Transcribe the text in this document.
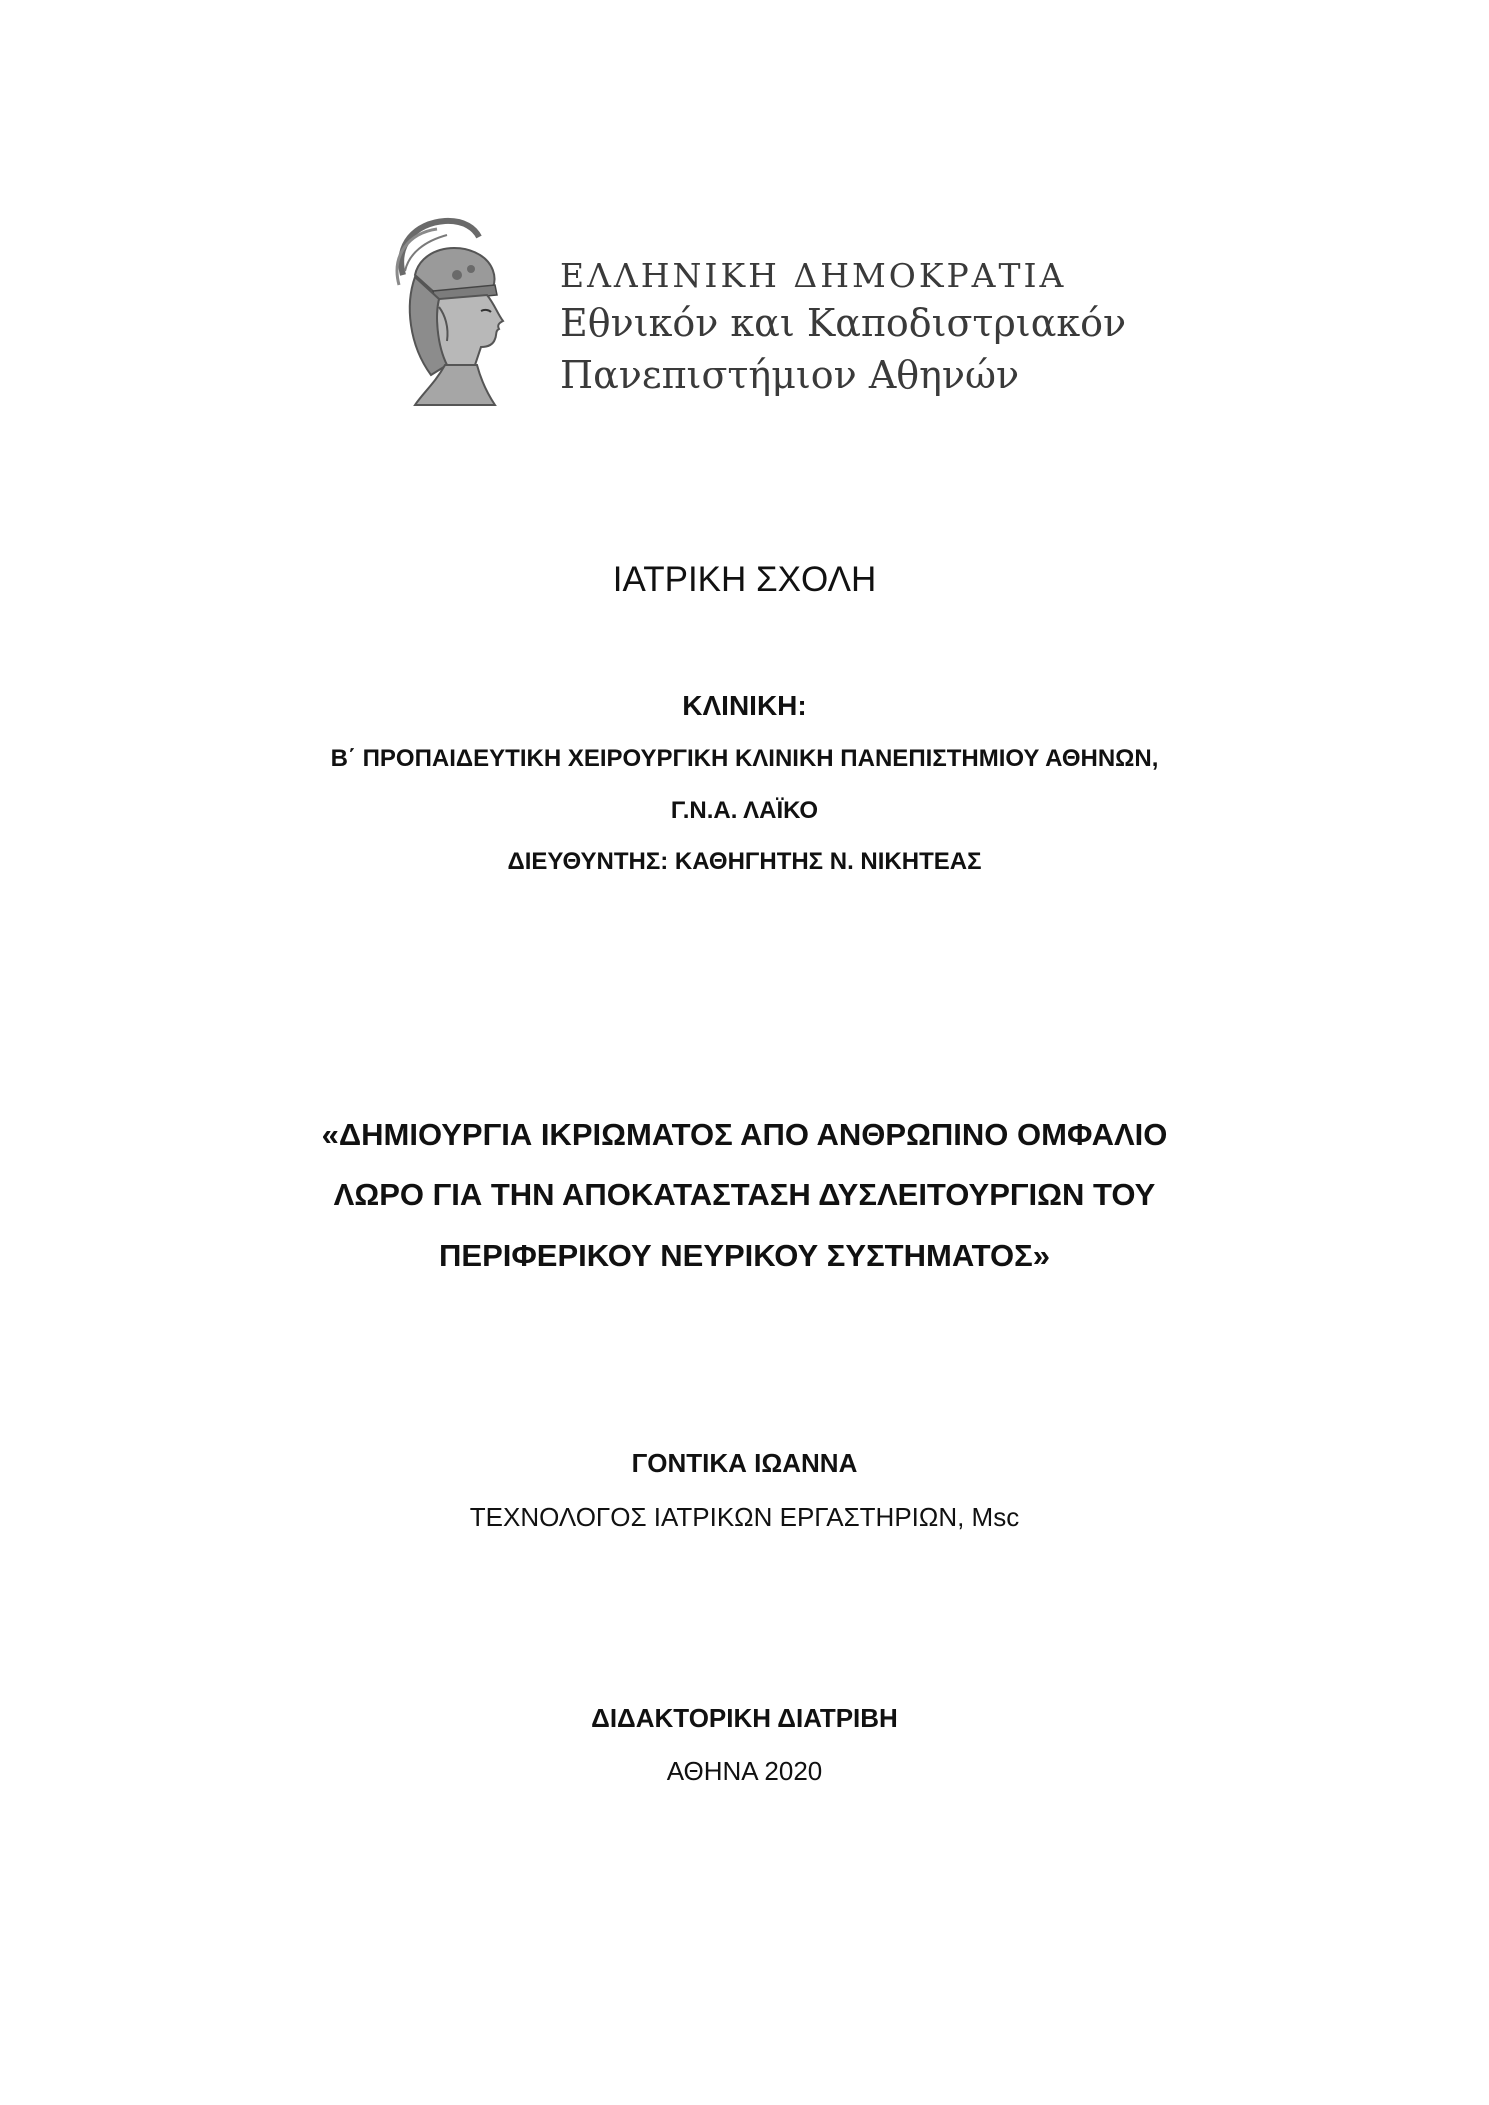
ΕΛΛΗΝΙΚΗ ΔΗΜΟΚΡΑΤΙΑ
Εθνικόν και Καποδιστριακόν
Πανεπιστήμιον Αθηνών
ΙΑΤΡΙΚΗ ΣΧΟΛΗ
ΚΛΙΝΙΚΗ:
Β΄ ΠΡΟΠΑΙΔΕΥΤΙΚΗ ΧΕΙΡΟΥΡΓΙΚΗ ΚΛΙΝΙΚΗ ΠΑΝΕΠΙΣΤΗΜΙΟΥ ΑΘΗΝΩΝ,
Γ.Ν.Α. ΛΑΪΚΟ
ΔΙΕΥΘΥΝΤΗΣ: ΚΑΘΗΓΗΤΗΣ Ν. ΝΙΚΗΤΕΑΣ
«ΔΗΜΙΟΥΡΓΙΑ ΙΚΡΙΩΜΑΤΟΣ ΑΠΟ ΑΝΘΡΩΠΙΝΟ ΟΜΦΑΛΙΟ
ΛΩΡΟ ΓΙΑ ΤΗΝ ΑΠΟΚΑΤΑΣΤΑΣΗ ΔΥΣΛΕΙΤΟΥΡΓΙΩΝ ΤΟΥ
ΠΕΡΙΦΕΡΙΚΟΥ ΝΕΥΡΙΚΟΥ ΣΥΣΤΗΜΑΤΟΣ»
ΓΟΝΤΙΚΑ ΙΩΑΝΝΑ
ΤΕΧΝΟΛΟΓΟΣ ΙΑΤΡΙΚΩΝ ΕΡΓΑΣΤΗΡΙΩΝ, Msc
ΔΙΔΑΚΤΟΡΙΚΗ ΔΙΑΤΡΙΒΗ
ΑΘΗΝΑ 2020
